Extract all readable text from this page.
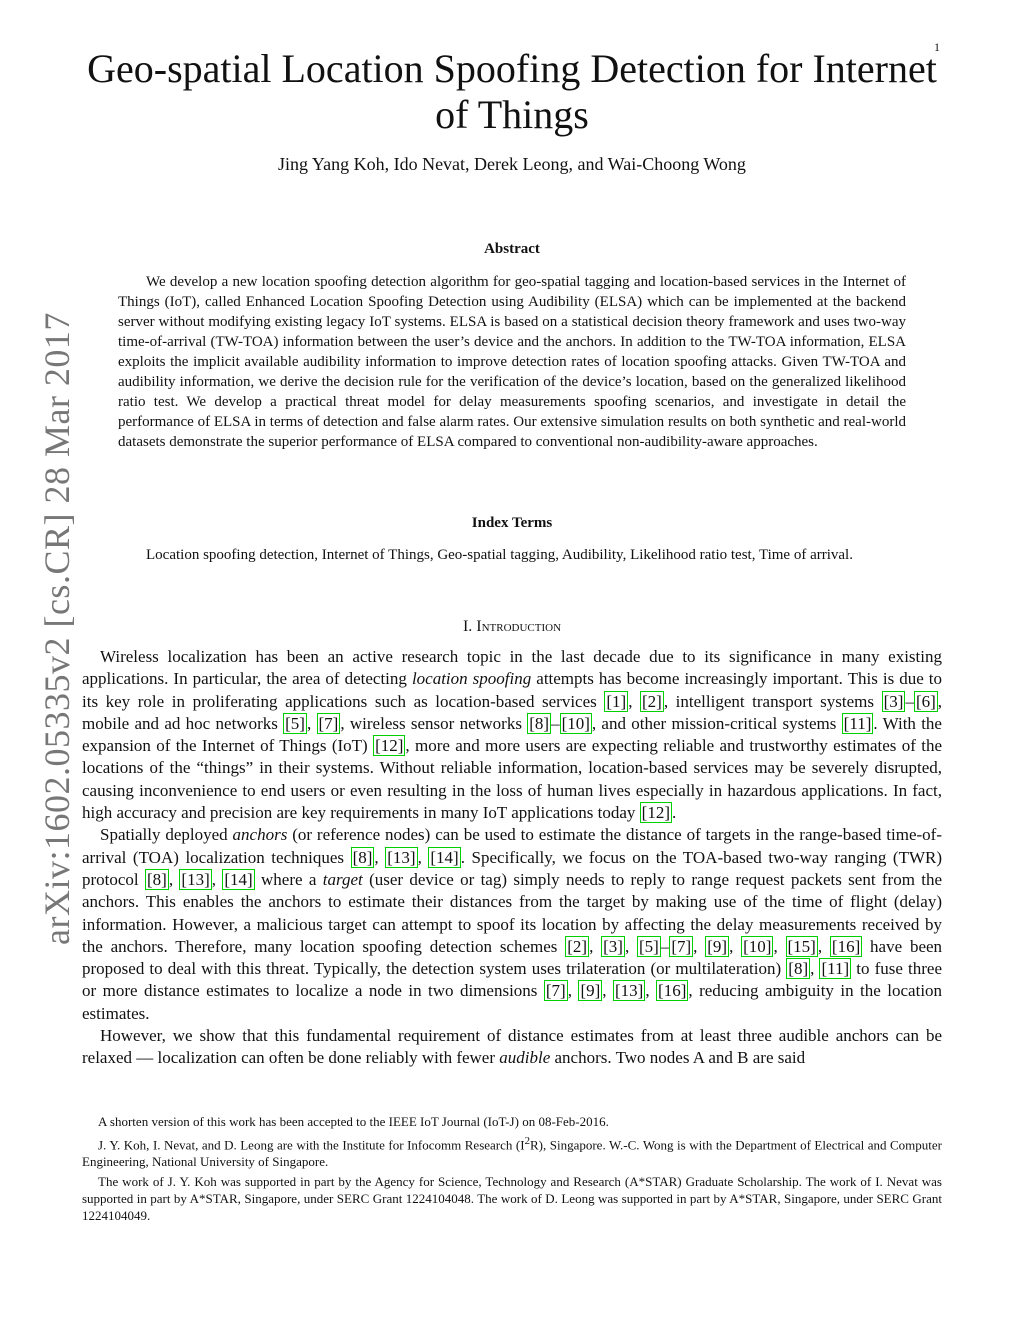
1
arXiv:1602.05335v2 [cs.CR] 28 Mar 2017
Geo-spatial Location Spoofing Detection for Internet of Things
Jing Yang Koh, Ido Nevat, Derek Leong, and Wai-Choong Wong
Abstract

We develop a new location spoofing detection algorithm for geo-spatial tagging and location-based services in the Internet of Things (IoT), called Enhanced Location Spoofing Detection using Audibility (ELSA) which can be implemented at the backend server without modifying existing legacy IoT systems. ELSA is based on a statistical decision theory framework and uses two-way time-of-arrival (TW-TOA) information between the user’s device and the anchors. In addition to the TW-TOA information, ELSA exploits the implicit available audibility information to improve detection rates of location spoofing attacks. Given TW-TOA and audibility information, we derive the decision rule for the verification of the device’s location, based on the generalized likelihood ratio test. We develop a practical threat model for delay measurements spoofing scenarios, and investigate in detail the performance of ELSA in terms of detection and false alarm rates. Our extensive simulation results on both synthetic and real-world datasets demonstrate the superior performance of ELSA compared to conventional non-audibility-aware approaches.

Index Terms

Location spoofing detection, Internet of Things, Geo-spatial tagging, Audibility, Likelihood ratio test, Time of arrival.

I. Introduction

Wireless localization has been an active research topic in the last decade due to its significance in many existing applications. In particular, the area of detecting location spoofing attempts has become increasingly important. This is due to its key role in proliferating applications such as location-based services [1] , [2] , intelligent transport systems [3] – [6] , mobile and ad hoc networks [5] , [7] , wireless sensor networks [8] – [10] , and other mission-critical systems [11] . With the expansion of the Internet of Things (IoT) [12] , more and more users are expecting reliable and trustworthy estimates of the locations of the “things” in their systems. Without reliable information, location-based services may be severely disrupted, causing inconvenience to end users or even resulting in the loss of human lives especially in hazardous applications. In fact, high accuracy and precision are key requirements in many IoT applications today [12] .

Spatially deployed anchors (or reference nodes) can be used to estimate the distance of targets in the range-based time-of-arrival (TOA) localization techniques [8] , [13] , [14] . Specifically, we focus on the TOA-based two-way ranging (TWR) protocol [8] , [13] , [14] where a target (user device or tag) simply needs to reply to range request packets sent from the anchors. This enables the anchors to estimate their distances from the target by making use of the time of flight (delay) information. However, a malicious target can attempt to spoof its location by affecting the delay measurements received by the anchors. Therefore, many location spoofing detection schemes [2] , [3] , [5] – [7] , [9] , [10] , [15] , [16] have been proposed to deal with this threat. Typically, the detection system uses trilateration (or multilateration) [8] , [11] to fuse three or more distance estimates to localize a node in two dimensions [7] , [9] , [13] , [16] , reducing ambiguity in the location estimates.

However, we show that this fundamental requirement of distance estimates from at least three audible anchors can be relaxed — localization can often be done reliably with fewer audible anchors. Two nodes A and B are said

A shorten version of this work has been accepted to the IEEE IoT Journal (IoT-J) on 08-Feb-2016.

J. Y. Koh, I. Nevat, and D. Leong are with the Institute for Infocomm Research $(I^2R)$, Singapore. W.-C. Wong is with the Department of Electrical and Computer Engineering, National University of Singapore.

The work of J. Y. Koh was supported in part by the Agency for Science, Technology and Research (A*STAR) Graduate Scholarship. The work of I. Nevat was supported in part by A*STAR, Singapore, under SERC Grant 1224104048. The work of D. Leong was supported in part by A*STAR, Singapore, under SERC Grant 1224104049.
